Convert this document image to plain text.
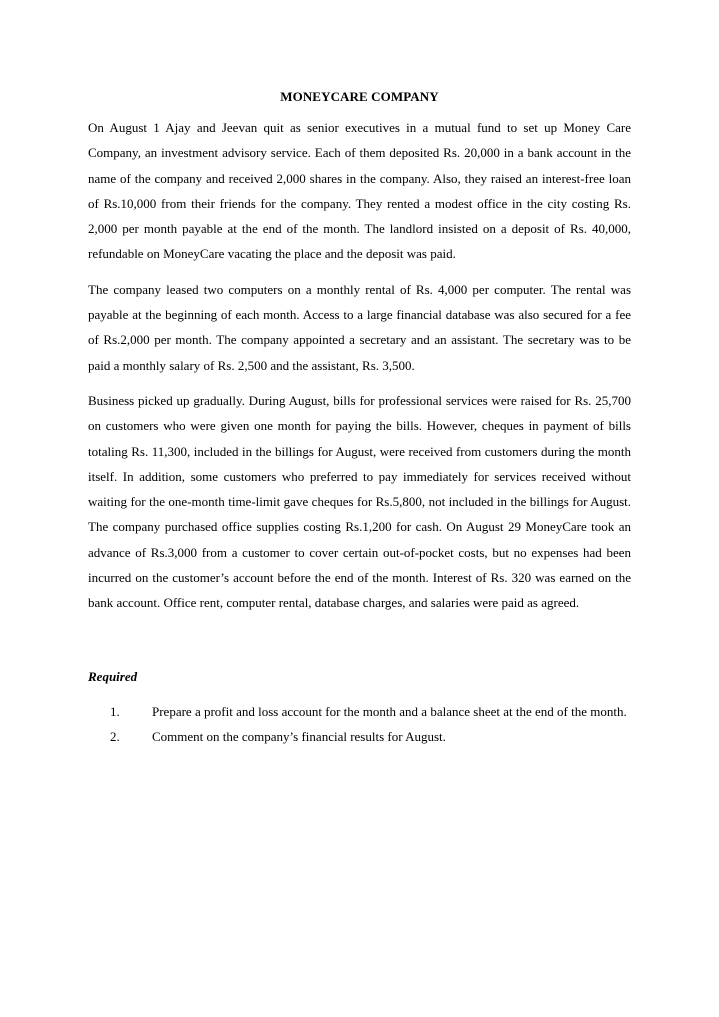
MONEYCARE COMPANY

On August 1 Ajay and Jeevan quit as senior executives in a mutual fund to set up Money Care Company, an investment advisory service. Each of them deposited Rs. 20,000 in a bank account in the name of the company and received 2,000 shares in the company. Also, they raised an interest-free loan of Rs.10,000 from their friends for the company. They rented a modest office in the city costing Rs. 2,000 per month payable at the end of the month. The landlord insisted on a deposit of Rs. 40,000, refundable on MoneyCare vacating the place and the deposit was paid.

The company leased two computers on a monthly rental of Rs. 4,000 per computer. The rental was payable at the beginning of each month. Access to a large financial database was also secured for a fee of Rs.2,000 per month. The company appointed a secretary and an assistant. The secretary was to be paid a monthly salary of Rs. 2,500 and the assistant, Rs. 3,500.

Business picked up gradually. During August, bills for professional services were raised for Rs. 25,700 on customers who were given one month for paying the bills. However, cheques in payment of bills totaling Rs. 11,300, included in the billings for August, were received from customers during the month itself. In addition, some customers who preferred to pay immediately for services received without waiting for the one-month time-limit gave cheques for Rs.5,800, not included in the billings for August. The company purchased office supplies costing Rs.1,200 for cash. On August 29 MoneyCare took an advance of Rs.3,000 from a customer to cover certain out-of-pocket costs, but no expenses had been incurred on the customer’s account before the end of the month. Interest of Rs. 320 was earned on the bank account. Office rent, computer rental, database charges, and salaries were paid as agreed.

Required
1.	Prepare a profit and loss account for the month and a balance sheet at the end of the month.
2.	Comment on the company’s financial results for August.
